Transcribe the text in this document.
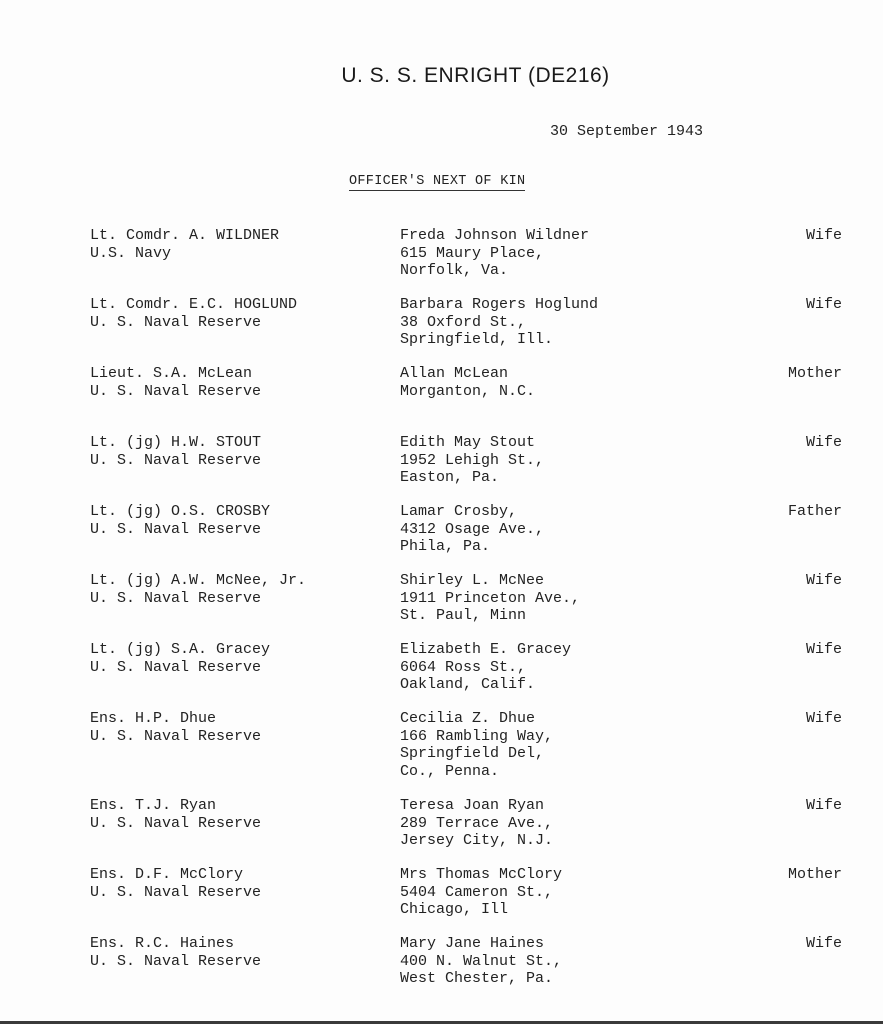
U. S. S. ENRIGHT (DE216)
30 September 1943
OFFICER'S NEXT OF KIN
Lt. Comdr. A. WILDNER
U.S. Navy
Freda Johnson Wildner
615 Maury Place,
Norfolk, Va.
Wife
Lt. Comdr. E.C. HOGLUND
U. S. Naval Reserve
Barbara Rogers Hoglund
38 Oxford St.,
Springfield, Ill.
Wife
Lieut. S.A. McLean
U. S. Naval Reserve
Allan McLean
Morganton, N.C.
Mother
Lt. (jg) H.W. STOUT
U. S. Naval Reserve
Edith May Stout
1952 Lehigh St.,
Easton, Pa.
Wife
Lt. (jg) O.S. CROSBY
U. S. Naval Reserve
Lamar Crosby,
4312 Osage Ave.,
Phila, Pa.
Father
Lt. (jg) A.W. McNee, Jr.
U. S. Naval Reserve
Shirley L. McNee
1911 Princeton Ave.,
St. Paul, Minn
Wife
Lt. (jg) S.A. Gracey
U. S. Naval Reserve
Elizabeth E. Gracey
6064 Ross St.,
Oakland, Calif.
Wife
Ens. H.P. Dhue
U. S. Naval Reserve
Cecilia Z. Dhue
166 Rambling Way,
Springfield Del,
Co., Penna.
Wife
Ens. T.J. Ryan
U. S. Naval Reserve
Teresa Joan Ryan
289 Terrace Ave.,
Jersey City, N.J.
Wife
Ens. D.F. McClory
U. S. Naval Reserve
Mrs Thomas McClory
5404 Cameron St.,
Chicago, Ill
Mother
Ens. R.C. Haines
U. S. Naval Reserve
Mary Jane Haines
400 N. Walnut St.,
West Chester, Pa.
Wife
